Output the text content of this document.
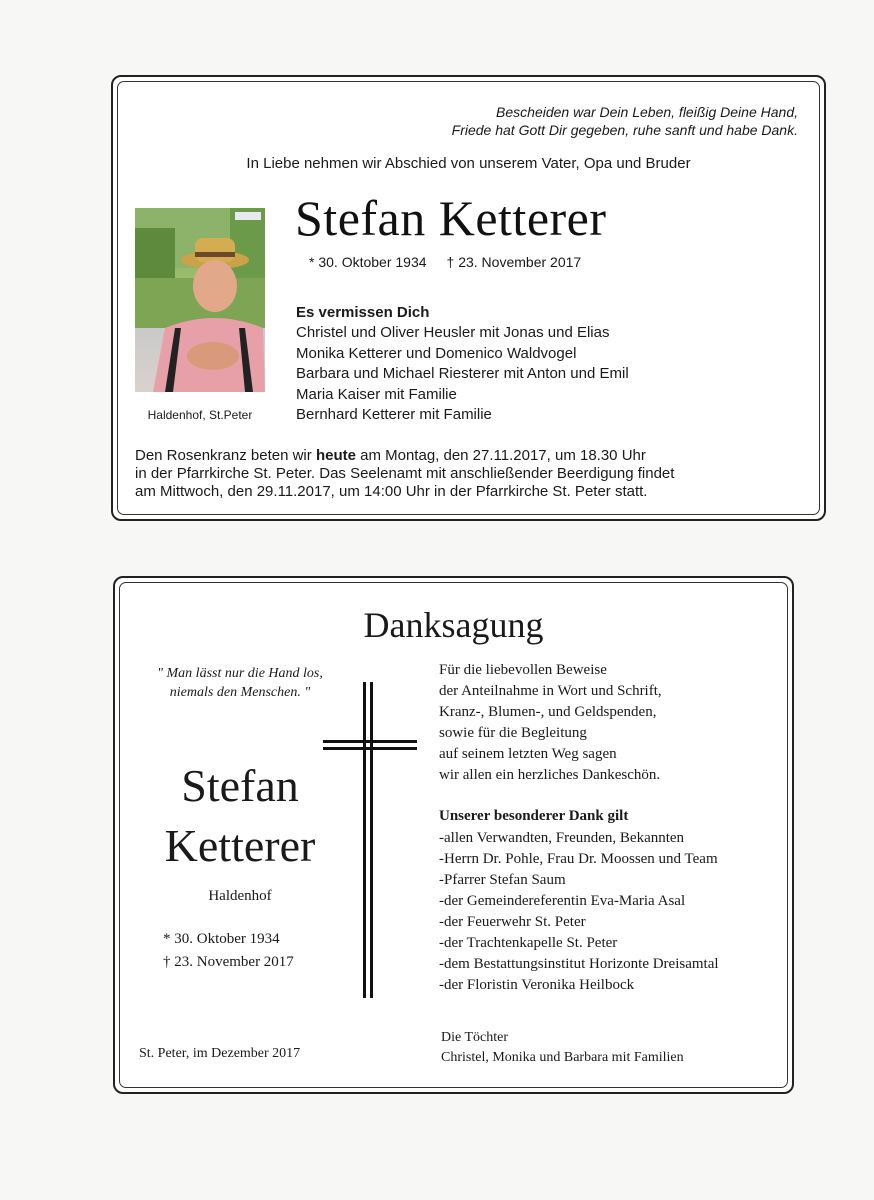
Bescheiden war Dein Leben, fleißig Deine Hand,
Friede hat Gott Dir gegeben, ruhe sanft und habe Dank.
In Liebe nehmen wir Abschied von unserem Vater, Opa und Bruder
Haldenhof, St.Peter
Stefan Ketterer
* 30. Oktober 1934 † 23. November 2017
Es vermissen Dich
Christel und Oliver Heusler mit Jonas und Elias
Monika Ketterer und Domenico Waldvogel
Barbara und Michael Riesterer mit Anton und Emil
Maria Kaiser mit Familie
Bernhard Ketterer mit Familie
Den Rosenkranz beten wir heute am Montag, den 27.11.2017, um 18.30 Uhr
in der Pfarrkirche St. Peter. Das Seelenamt mit anschließender Beerdigung findet
am Mittwoch, den 29.11.2017, um 14:00 Uhr in der Pfarrkirche St. Peter statt.
Danksagung
" Man lässt nur die Hand los,
niemals den Menschen. "
Stefan
Ketterer
Haldenhof
* 30. Oktober 1934
† 23. November 2017
St. Peter, im Dezember 2017
Für die liebevollen Beweise
der Anteilnahme in Wort und Schrift,
Kranz-, Blumen-, und Geldspenden,
sowie für die Begleitung
auf seinem letzten Weg sagen
wir allen ein herzliches Dankeschön.
Unserer besonderer Dank gilt
-allen Verwandten, Freunden, Bekannten
-Herrn Dr. Pohle, Frau Dr. Moossen und Team
-Pfarrer Stefan Saum
-der Gemeindereferentin Eva-Maria Asal
-der Feuerwehr St. Peter
-der Trachtenkapelle St. Peter
-dem Bestattungsinstitut Horizonte Dreisamtal
-der Floristin Veronika Heilbock
Die Töchter
Christel, Monika und Barbara mit Familien
